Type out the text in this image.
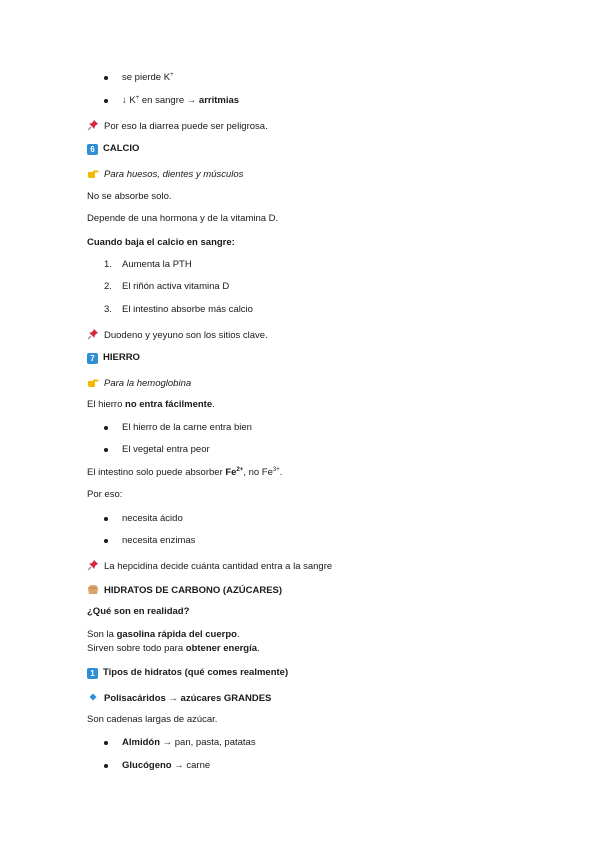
se pierde K+
↓ K+ en sangre → arritmias
Por eso la diarrea puede ser peligrosa.
6 CALCIO
Para huesos, dientes y músculos
No se absorbe solo.
Depende de una hormona y de la vitamina D.
Cuando baja el calcio en sangre:
1. Aumenta la PTH
2. El riñón activa vitamina D
3. El intestino absorbe más calcio
Duodeno y yeyuno son los sitios clave.
7 HIERRO
Para la hemoglobina
El hierro no entra fácilmente.
El hierro de la carne entra bien
El vegetal entra peor
El intestino solo puede absorber $Fe^{2+}$, no $Fe^{3+}$.
Por eso:
necesita ácido
necesita enzimas
La hepcidina decide cuánta cantidad entra a la sangre
HIDRATOS DE CARBONO (AZÚCARES)
¿Qué son en realidad?
Son la gasolina rápida del cuerpo.
Sirven sobre todo para obtener energía.
1 Tipos de hidratos (qué comes realmente)
Polisacáridos → azúcares GRANDES
Son cadenas largas de azúcar.
Almidón → pan, pasta, patatas
Glucógeno → carne
